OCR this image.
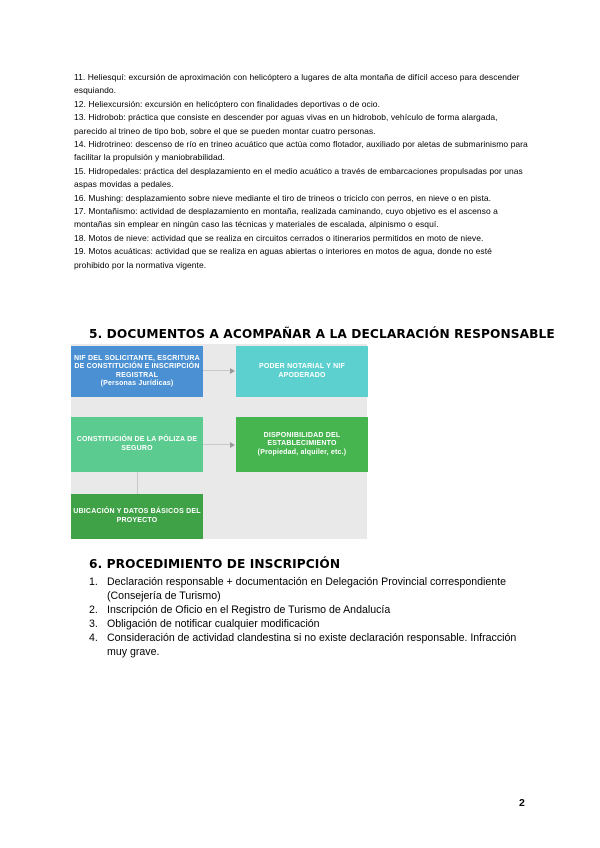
11. Heliesquí: excursión de aproximación con helicóptero a lugares de alta montaña de difícil acceso para descender esquiando.

12. Heliexcursión: excursión en helicóptero con finalidades deportivas o de ocio.

13. Hidrobob: práctica que consiste en descender por aguas vivas en un hidrobob, vehículo de forma alargada, parecido al trineo de tipo bob, sobre el que se pueden montar cuatro personas.

14. Hidrotrineo: descenso de río en trineo acuático que actúa como flotador, auxiliado por aletas de submarinismo para facilitar la propulsión y maniobrabilidad.

15. Hidropedales: práctica del desplazamiento en el medio acuático a través de embarcaciones propulsadas por unas aspas movidas a pedales.

16. Mushing: desplazamiento sobre nieve mediante el tiro de trineos o triciclo con perros, en nieve o en pista.

17. Montañismo: actividad de desplazamiento en montaña, realizada caminando, cuyo objetivo es el ascenso a montañas sin emplear en ningún caso las técnicas y materiales de escalada, alpinismo o esquí.

18. Motos de nieve: actividad que se realiza en circuitos cerrados o itinerarios permitidos en moto de nieve.

19. Motos acuáticas: actividad que se realiza en aguas abiertas o interiores en motos de agua, donde no esté prohibido por la normativa vigente.

5. DOCUMENTOS A ACOMPAÑAR A LA DECLARACIÓN RESPONSABLE
NIF DEL SOLICITANTE, ESCRITURA DE CONSTITUCIÓN E INSCRIPCIÓN REGISTRAL
(Personas Jurídicas)
PODER NOTARIAL Y NIF APODERADO
CONSTITUCIÓN DE LA PÓLIZA DE SEGURO
DISPONIBILIDAD DEL ESTABLECIMIENTO
(Propiedad, alquiler, etc.)
UBICACIÓN Y DATOS BÁSICOS DEL PROYECTO
6. PROCEDIMIENTO DE INSCRIPCIÓN
1. Declaración responsable + documentación en Delegación Provincial correspondiente (Consejería de Turismo)
2. Inscripción de Oficio en el Registro de Turismo de Andalucía
3. Obligación de notificar cualquier modificación
4. Consideración de actividad clandestina si no existe declaración responsable. Infracción muy grave.
2
